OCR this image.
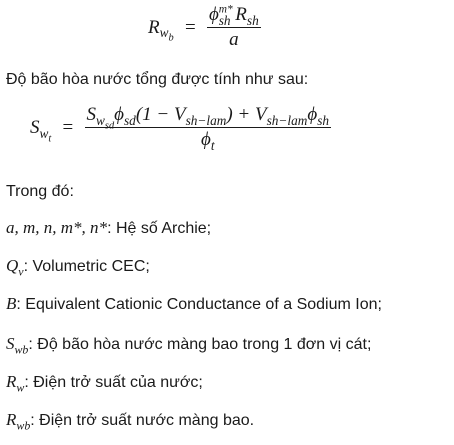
$R_{w_b} = \frac{\phi^{m*}_{sh} R_{sh}}{a}$
Độ bão hòa nước tổng được tính như sau:
$S_{w_t} = \frac{S_{w_{sd}}\phi_{sd}(1 - V_{sh-lam}) + V_{sh-lam}\phi_{sh}}{\phi_t}$
Trong đó:
a, m, n, m*, n*: Hệ số Archie;
$Q_v$: Volumetric CEC;
B: Equivalent Cationic Conductance of a Sodium Ion;
$S_{wb}$: Độ bão hòa nước màng bao trong 1 đơn vị cát;
$R_w$: Điện trở suất của nước;
$R_{wb}$: Điện trở suất nước màng bao.
